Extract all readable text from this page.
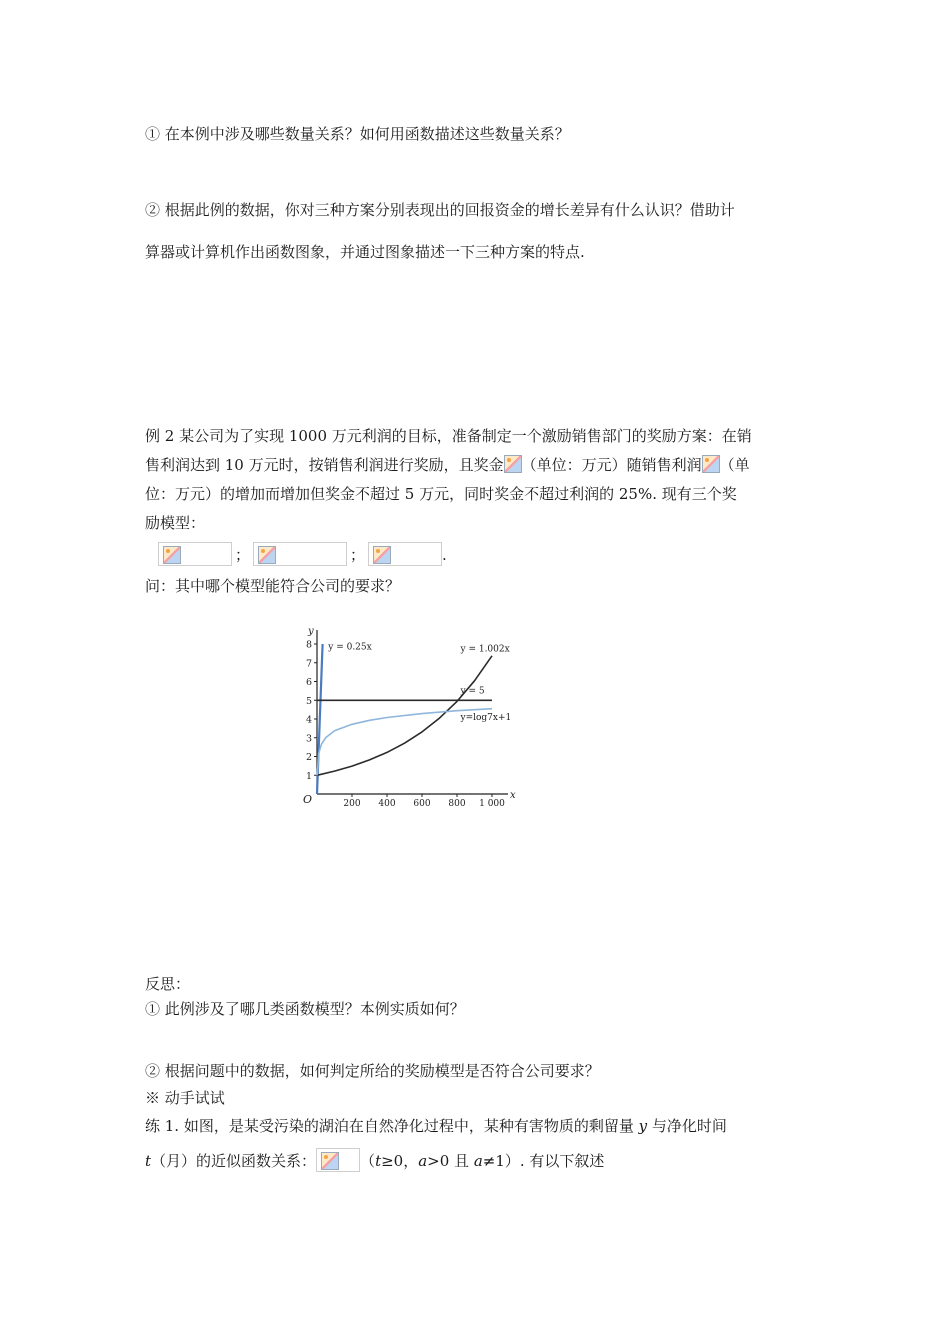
① 在本例中涉及哪些数量关系？如何用函数描述这些数量关系？
② 根据此例的数据，你对三种方案分别表现出的回报资金的增长差异有什么认识？借助计
算器或计算机作出函数图象，并通过图象描述一下三种方案的特点.
例 2 某公司为了实现 1000 万元利润的目标，准备制定一个激励销售部门的奖励方案：在销
售利润达到 10 万元时，按销售利润进行奖励，且奖金 （单位：万元）随销售利润 （单
位：万元）的增加而增加但奖金不超过 5 万元，同时奖金不超过利润的 25%. 现有三个奖
励模型：
；	；	.
问：其中哪个模型能符合公司的要求？
x
y
O	200 400 600 800 1 000
1
2
3
4
5
6
7
8 y = 0.25x	y = 1.002x
y = 5
y=log7x+1
反思：
① 此例涉及了哪几类函数模型？本例实质如何？
② 根据问题中的数据，如何判定所给的奖励模型是否符合公司要求？
※ 动手试试
练 1. 如图，是某受污染的湖泊在自然净化过程中，某种有害物质的剩留量 y 与净化时间
t（月）的近似函数关系：	（t≥0，a>0 且 a≠1）. 有以下叙述
